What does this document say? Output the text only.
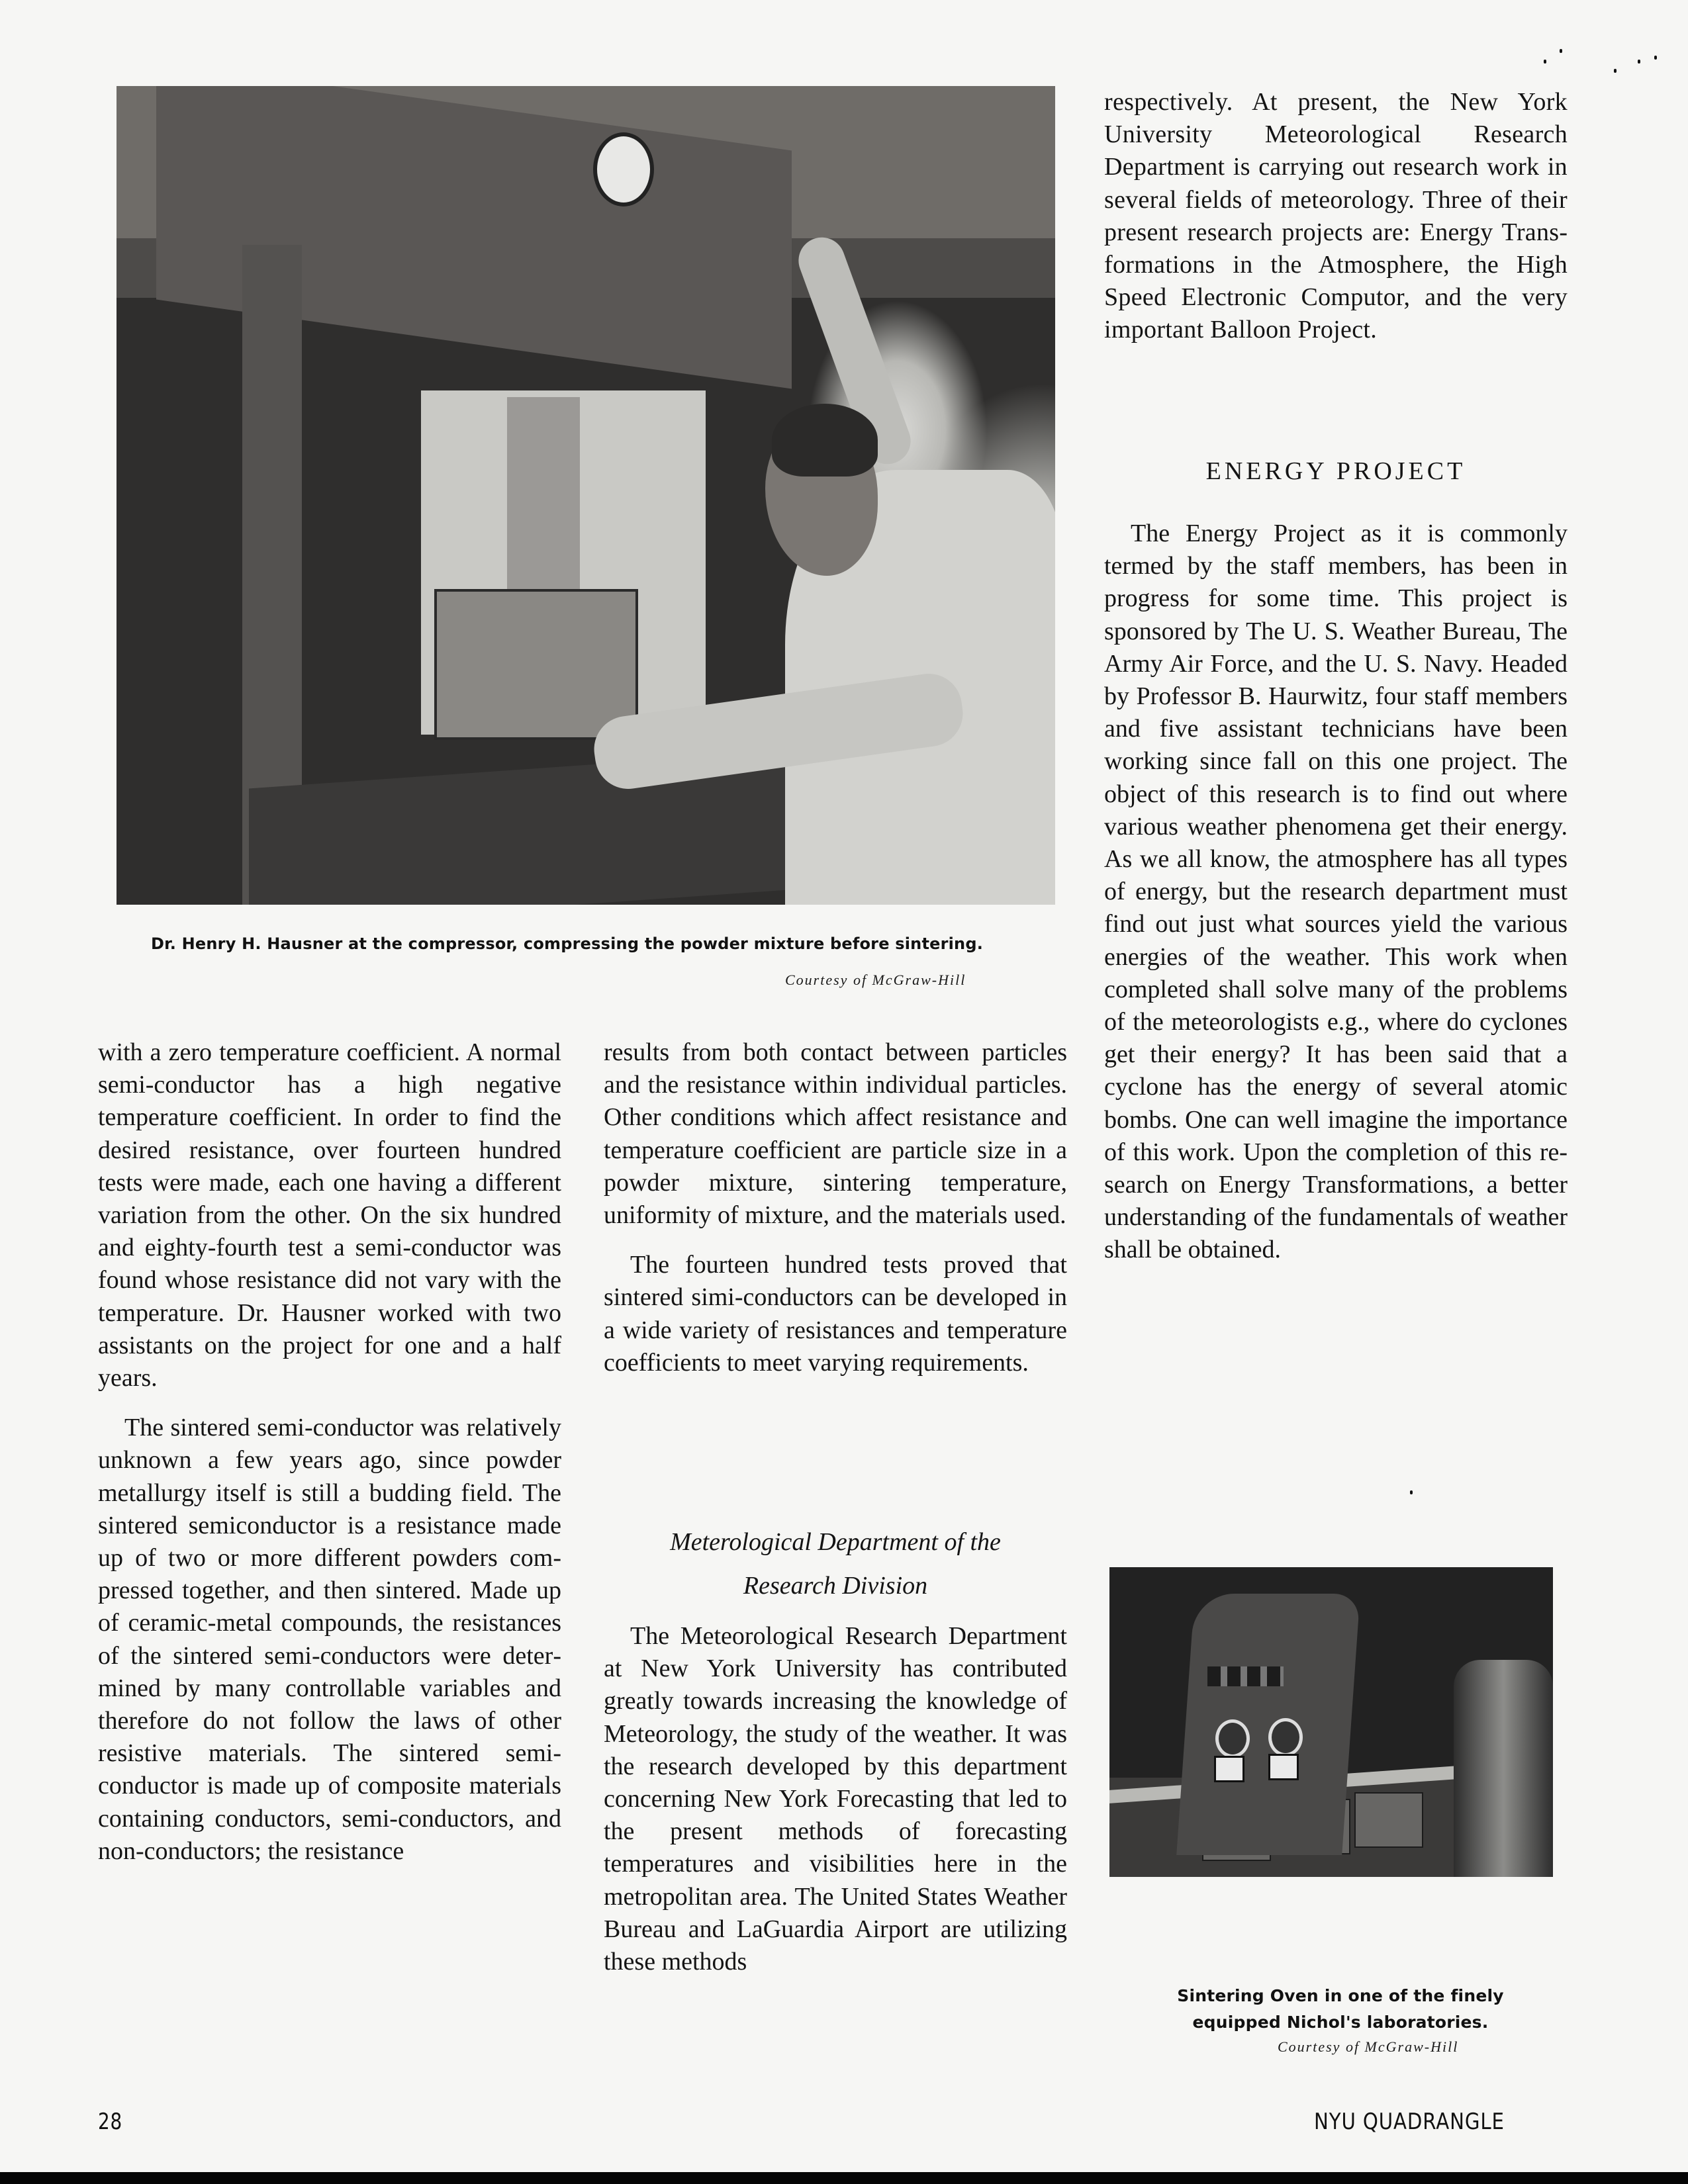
Dr. Henry H. Hausner at the compressor, compressing the powder mixture before sintering.
Courtesy of McGraw-Hill

with a zero temperature coefficient. A normal semi-conductor has a high negative temperature coefficient. In order to find the desired resistance, over fourteen hundred tests were made, each one having a different variation from the other. On the six hundred and eighty-fourth test a semi-conductor was found whose resistance did not vary with the temperature. Dr. Hausner worked with two assistants on the project for one and a half years.

The sintered semi-conductor was relatively unknown a few years ago, since powder metallurgy itself is still a budding field. The sintered semiconductor is a resistance made up of two or more different powders compressed together, and then sintered. Made up of ceramic-metal compounds, the resistances of the sintered semi-conductors were determined by many controllable variables and therefore do not follow the laws of other resistive materials. The sintered semi-conductor is made up of composite materials containing conductors, semi-conductors, and non-conductors; the resistance

results from both contact between particles and the resistance within individual particles. Other conditions which affect resistance and temperature coefficient are particle size in a powder mixture, sintering temperature, uniformity of mixture, and the materials used.

The fourteen hundred tests proved that sintered simi-conductors can be developed in a wide variety of resistances and temperature coefficients to meet varying requirements.

Meterological Department of the
Research Division

The Meteorological Research Department at New York University has contributed greatly towards increasing the knowledge of Meteorology, the study of the weather. It was the research developed by this department concerning New York Forecasting that led to the present methods of forecasting temperatures and visibilities here in the metropolitan area. The United States Weather Bureau and LaGuardia Airport are utilizing these methods

respectively. At present, the New York University Meteorological Research Department is carrying out research work in several fields of meteorology. Three of their present research projects are: Energy Transformations in the Atmosphere, the High Speed Electronic Computor, and the very important Balloon Project.

ENERGY PROJECT

The Energy Project as it is commonly termed by the staff members, has been in progress for some time. This project is sponsored by The U. S. Weather Bureau, The Army Air Force, and the U. S. Navy. Headed by Professor B. Haurwitz, four staff members and five assistant technicians have been working since fall on this one project. The object of this research is to find out where various weather phenomena get their energy. As we all know, the atmosphere has all types of energy, but the research department must find out just what sources yield the various energies of the weather. This work when completed shall solve many of the problems of the meteorologists e.g., where do cyclones get their energy? It has been said that a cyclone has the energy of several atomic bombs. One can well imagine the importance of this work. Upon the completion of this research on Energy Transformations, a better understanding of the fundamentals of weather shall be obtained.

Sintering Oven in one of the finely
equipped Nichol's laboratories.
Courtesy of McGraw-Hill
28	NYU QUADRANGLE
